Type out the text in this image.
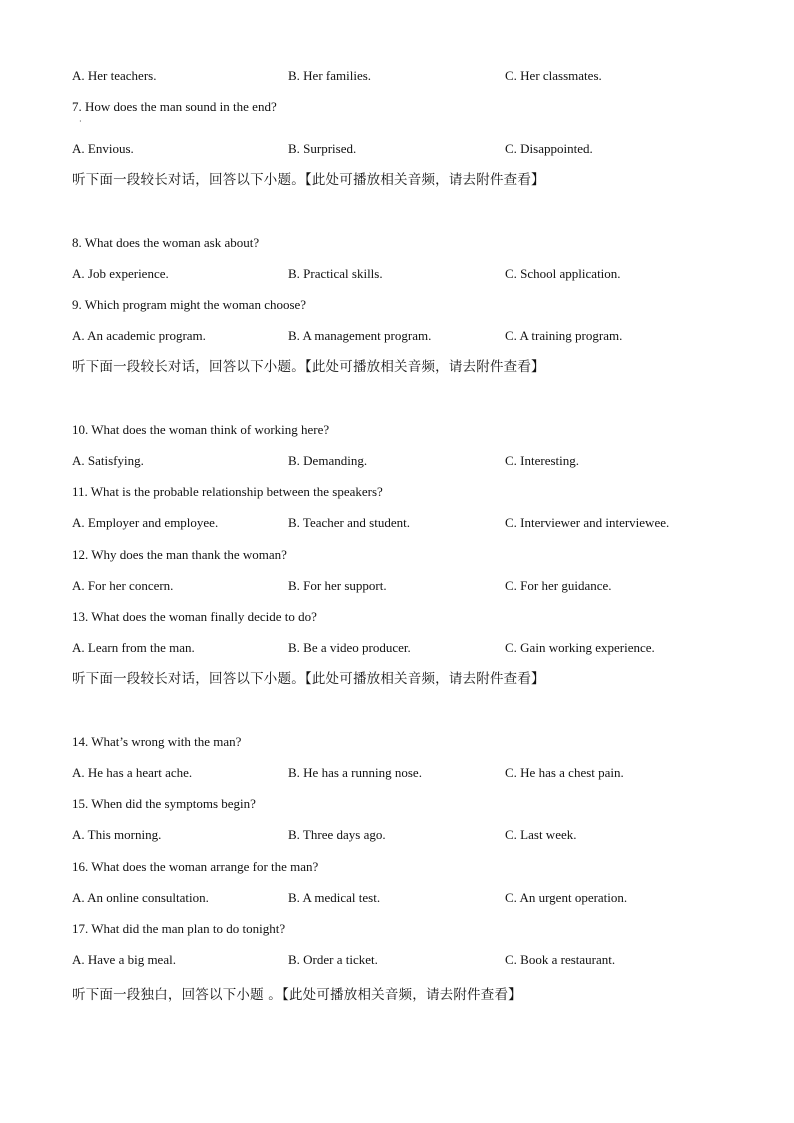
A. Her teachers.	B. Her families.	C. Her classmates.
7. How does the man sound in the end?
·
A. Envious.	B. Surprised.	C. Disappointed.
听下面一段较长对话，回答以下小题。【此处可播放相关音频，请去附件查看】
8. What does the woman ask about?
A. Job experience.	B. Practical skills.	C. School application.
9. Which program might the woman choose?
A. An academic program.	B. A management program.	C. A training program.
听下面一段较长对话，回答以下小题。【此处可播放相关音频，请去附件查看】
10. What does the woman think of working here?
A. Satisfying.	B. Demanding.	C. Interesting.
11. What is the probable relationship between the speakers?
A. Employer and employee.	B. Teacher and student.	C. Interviewer and interviewee.
12. Why does the man thank the woman?
A. For her concern.	B. For her support.	C. For her guidance.
13. What does the woman finally decide to do?
A. Learn from the man.	B. Be a video producer.	C. Gain working experience.
听下面一段较长对话，回答以下小题。【此处可播放相关音频，请去附件查看】
14. What’s wrong with the man?
A. He has a heart ache.	B. He has a running nose.	C. He has a chest pain.
15. When did the symptoms begin?
A. This morning.	B. Three days ago.	C. Last week.
16. What does the woman arrange for the man?
A. An online consultation.	B. A medical test.	C. An urgent operation.
17. What did the man plan to do tonight?
A. Have a big meal.	B. Order a ticket.	C. Book a restaurant.
听下面一段独白，回答以下小题 。【此处可播放相关音频，请去附件查看】
